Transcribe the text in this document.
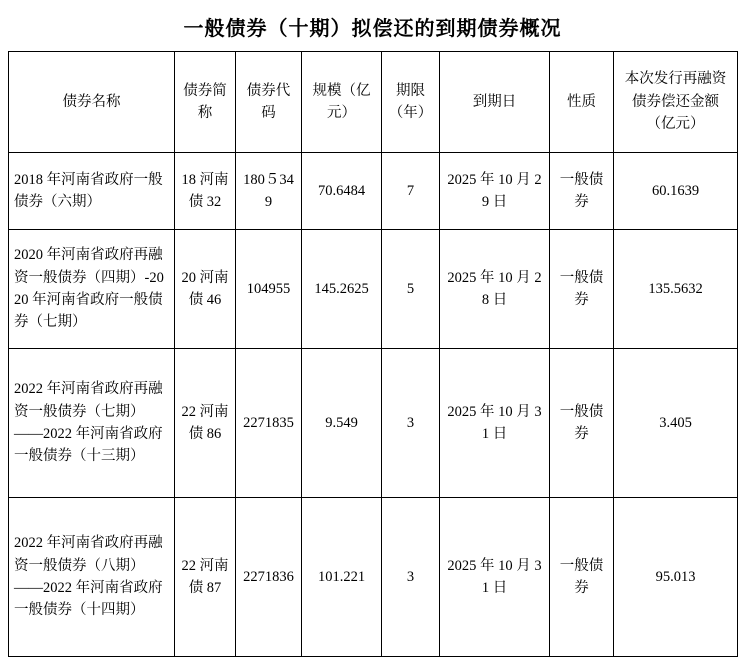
一般债券（十期）拟偿还的到期债券概况
债券名称	债券简称	债券代码	规模（亿元）	期限（年）	到期日	性质	本次发行再融资债券偿还金额（亿元）
2018 年河南省政府一般债券（六期）	18 河南债 32	180５349	70.6484	7	2025 年 10 月 29 日	一般债券	60.1639
2020 年河南省政府再融资一般债券（四期）-2020 年河南省政府一般债券（七期）	20 河南债 46	104955	145.2625	5	2025 年 10 月 28 日	一般债券	135.5632
2022 年河南省政府再融资一般债券（七期）——2022 年河南省政府一般债券（十三期）	22 河南债 86	2271835	9.549	3	2025 年 10 月 31 日	一般债券	3.405
2022 年河南省政府再融资一般债券（八期）——2022 年河南省政府一般债券（十四期）	22 河南债 87	2271836	101.221	3	2025 年 10 月 31 日	一般债券	95.013
